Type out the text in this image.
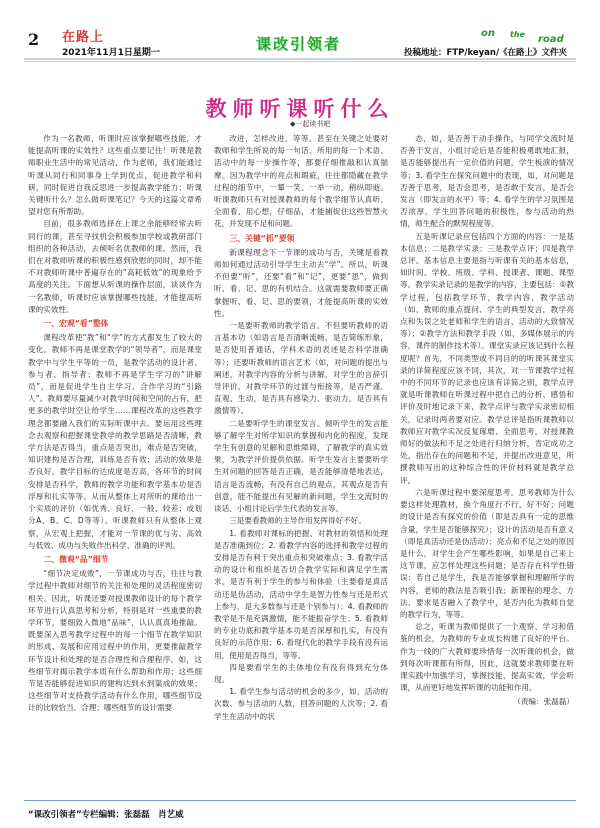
2 在路上
2021年11月1日星期一	课改引领者
on the road
投稿地址：FTP/keyan/《在路上》文件夹
教师听课听什么
◆一起读书吧

作为一名教师，听课时应该掌握哪些技能，才能提高听课的实效性？这些重点要记住！听课是教师职业生活中的常见活动，作为老师，我们能通过听课从同行和同事身上学到优点，促进教学和科研，同时促进自我反思进一步提高教学能力；听课关键听什么？怎么做听课笔记？今天的这篇文章希望对您有所帮助。

目前，很多教师选择在上课之余能够经常去听同行的课，甚至寻找机会积极参加学校或教研部门组织的各种活动，去倾听名优教师的课。然而，我们在对教师听课的积极性感到欣慰的同时，却不能不对教师听课中普遍存在的“高耗低效”的现象给予高度的关注。下面想从听课的操作层面，谈谈作为一名教师，听课时应该掌握哪些技能，才能提高听课的实效性。

一、宏观“看”整体

课程改革使“教”和“学”的方式都发生了较大的变化。教师不再是课堂教学的“领导者”，而是课堂教学中与学生平等的一员，是教学活动的设计者、参与者、指导者；教师不再是学生学习的“讲解员”，而是促进学生自主学习、合作学习的“引路人”。教师要尽量减少对教学时间和空间的占有，把更多的教学时空让给学生……课程改革的这些教学理念都要融入我们的实际听课中去。要运用这些理念去观察和把握课堂教学的教学思路是否清晰，教学方法是否得当，重点是否突出，难点是否突破，知识建构是否合理，训练是否有效；活动的效果是否良好，教学目标的达成度是否高，各环节的时间安排是否科学，教师的教学功能和教学基本功是否浮厚和扎实等等。从而从整体上对所听的课给出一个实质的评价（如优秀、良好、一般、较差；或划分A、B、C、D等等）。听课教师只有从整体上观察，从宏观上把握，才能对一节课的优与劣、高效与低效、成功与失败作出科学、准确的评判。

二、微观“品”细节

“细节决定成败”，一节课成功与否，往往与教学过程中教师对细节的关注和处理的灵活程度密切相关。因此，听课还要对授课教师设计的每个教学环节进行认真思考和分析，特别是对一些重要的教学环节，要细致入微地“品味”，认认真真地推敲。既要深入思考教学过程中的每一个细节在教学知识的形成、发展和应用过程中的作用，更要推敲教学环节设计和处理的是否合理性和合理程序。如，这些细节对揭示教学本质有什么帮助和作用；这些细节是否能够促进知识的建构达到水到渠成的效果；这些细节对支持教学活动有什么作用，哪些细节设计的比较恰当、合理；哪些细节的设计需要

改进，怎样改进，等等。甚至在关键之处要对教师和学生所说的每一句话、所用的每一个术语、活动中的每一步操作等，都要仔细推敲和认真揣摩。因为教学中的亮点和瑕疵，往往都隐藏在教学过程的细节中，一颦一笑、一举一动，稍纵即逝。听课教师只有对授课教师的每个教学细节认真听、全面看、用心想，仔细品，才能捕捉住这些智慧火花，并发现不足和问题。

三、关键“抓”要领

新课程理念下一节课的成功与否，关键是看教师如何通过活动引导学生主动去“学”。所以，听课不但要“听”，还要“看”和“记”，更要“思”，做到听、看、记、思的有机结合。这就需要教师要正确掌握听、看、记、思的要领，才能提高听课的实效性。

一是要听教师的教学语言。不但要听教师的语言基本功（如语言是否清晰流畅，是否简练形象，是否使用普通话，学科术语的表述是否科学准确等）；还要听教师的语言艺术（如，对问题的提出与阐述，对教学内容的分析与讲解，对学生的言辞引导评价，对教学环节的过渡与衔接等，是否严谨、直观、生动，是否具有感染力、驱动力，是否具有激情等）。

二是要听学生的课堂发言。倾听学生的发言能够了解学生对所学知识的掌握和内化的程度，发现学生有创意的见解和思维障碍，了解教学的真实效果，为教学评价提供依据。听学生发言主要要听学生对问题的回答是否正确，是否能够清楚地表达，语言是否流畅，有没有自己的观点，其观点是否有创意，能不能提出有见解的新问题，学生交流时的谈话、小组讨论后学生代表的发言等。

三是要看教师的主导作用发挥得好不好。

1. 看教师对课标的把握、对教材的领悟和处理是否准确到位；2. 看教学内容的选择和教学过程的安排是否有利于突出重点和突破难点；3. 看教学活动的设计和组织是否切合教学实际和满足学生需求，是否有利于学生的参与和体验（主要看是真活动还是伪活动，活动中学生是智力性参与还是形式上参与，是大多数参与还是个别参与）；4. 看教师的教学是不是充满激情，能不能振奋学生；5. 看教师的专业功底和教学基本功是否深厚和扎实，有没有良好的示范作用；6. 看现代化的教学手段有没有运用，使用是否得当，等等。

四是要看学生的主体地位有没有得到充分体现。

1. 看学生参与活动的机会的多少，如，活动的次数、参与活动的人数，回答问题的人次等；2. 看学生在活动中的状

态，如，是否善于动手操作，与同学交流时是否善于发言，小组讨论后是否能积极勇敢地汇报，是否能够提出有一定价值的问题，学生板演的情况等；3. 看学生在探究问题中的表现，如，对问题是否善于思考，是否会思考，是否敢于发言，是否会发言（即发言的水平）等；4. 看学生的学习氛围是否浓厚，学生回答问题的积极性，参与活动的热情，师生配合的默契程度等。

五是听课记录应包括四个方面的内容：一是基本信息；二是教学实录；三是教学点评；四是教学总评。基本信息主要是指与听课有关的基本信息，如时间、学校、班级、学科、授课者、课题、课型等。教学实录记录的是教学的内容，主要包括：①教学过程，包括教学环节，教学内容，教学活动（如，教师的重点提问、学生的典型发言，教学亮点和失误之处老师和学生的语言、活动的大致情况等）；②教学方法和教学手段（如，多媒体展示的内容，课件的制作技术等）。课堂实录应该记到什么程度呢？首先，不同类型或不同目的的听课其课堂实录的详简程度应该不同，其次，对一节课教学过程中的不同环节的记录也应该有详简之别，教学点评就是听课教师在听课过程中把自己的分析、感悟和评价及时地记录下来，教学点评与教学实录密切相关，记录时两者要对应。教学总评是指听课教师以教师应对教学实况反复琢磨、全面思考，对授课教师好的做法和不足之处进行归纳分析，肯定成功之处，指出存在的问题和不足，并提出改进意见，所撰教师写出的这种综合性的评价材料就是教学总评。

六是听课过程中要深度思考。思考教师为什么要这样处理教材，换个角度行不行，好不好；问题的设计是否有探究的价值（即是否具有一定的思维含量，学生是否能够探究）；设计的活动是否有意义（即是真活动还是伪活动）；亮点和不足之处的原因是什么，对学生会产生哪些影响，如果是自己来上这节课，应怎样处理这些问题；是否存在科学性错误；若自己是学生，我是否能够掌握和理解所学的内容，老师的教法是否吸引我；新课程的理念、方法、要求是否融入了教学中，是否内化为教师自觉的教学行为，等等。

总之，听课为教师提供了一个观察、学习和借鉴的机会，为教师的专业成长构建了良好的平台。作为一线的广大教师要珍惜每一次听课的机会，做到每次听课都有所得，因此，这就要求教师要在听课实践中加强学习，掌握技能，提高实效，学会听课，从而更好地发挥听课的功能和作用。

（责编：张磊磊）

“课改引领者”专栏编辑：张磊磊　肖艺威
